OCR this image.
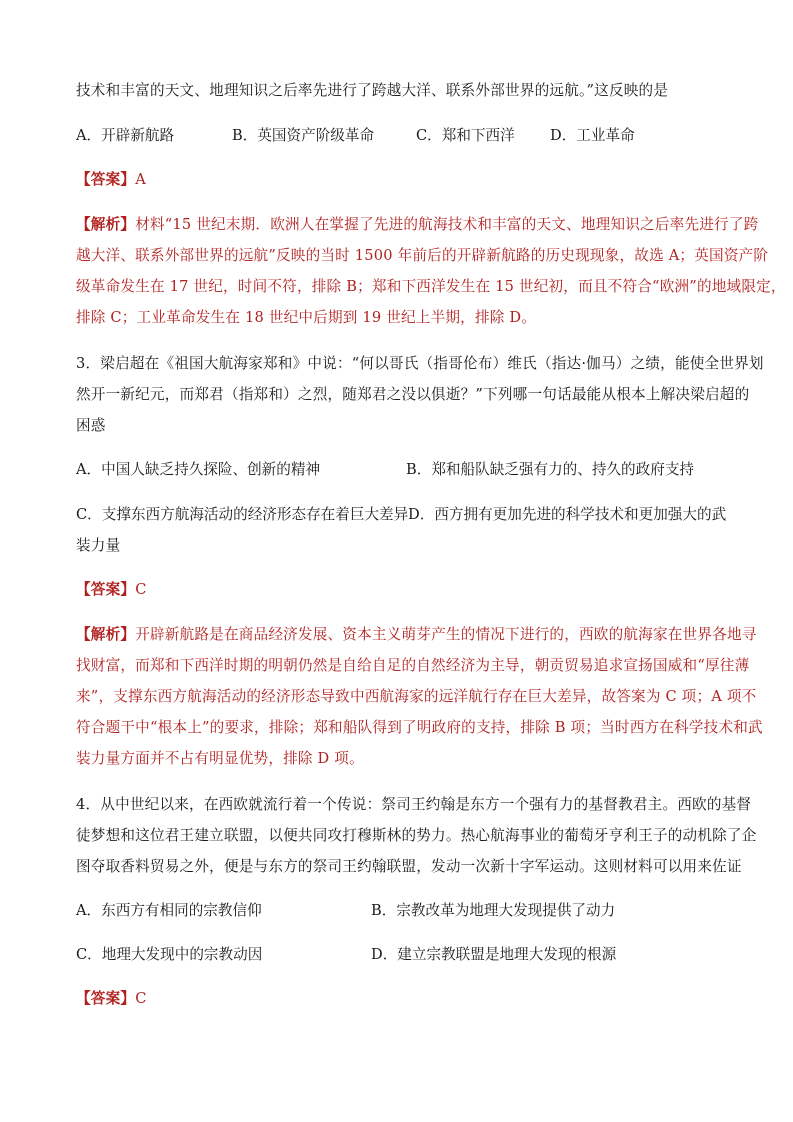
技术和丰富的天文、地理知识之后率先进行了跨越大洋、联系外部世界的远航。”这反映的是
A．开辟新航路	B．英国资产阶级革命	C．郑和下西洋 D．工业革命
【答案】A
【解析】材料“15 世纪末期．欧洲人在掌握了先进的航海技术和丰富的天文、地理知识之后率先进行了跨
越大洋、联系外部世界的远航”反映的当时 1500 年前后的开辟新航路的历史现现象，故选 A；英国资产阶
级革命发生在 17 世纪，时间不符，排除 B；郑和下西洋发生在 15 世纪初，而且不符合“欧洲”的地域限定，
排除 C；工业革命发生在 18 世纪中后期到 19 世纪上半期，排除 D。
3．梁启超在《祖国大航海家郑和》中说：“何以哥氏（指哥伦布）维氏（指达·伽马）之绩，能使全世界划
然开一新纪元，而郑君（指郑和）之烈，随郑君之没以俱逝？”下列哪一句话最能从根本上解决梁启超的
困惑
A．中国人缺乏持久探险、创新的精神	B．郑和船队缺乏强有力的、持久的政府支持
C．支撑东西方航海活动的经济形态存在着巨大差异 D．西方拥有更加先进的科学技术和更加强大的武
装力量
【答案】C
【解析】开辟新航路是在商品经济发展、资本主义萌芽产生的情况下进行的，西欧的航海家在世界各地寻
找财富，而郑和下西洋时期的明朝仍然是自给自足的自然经济为主导，朝贡贸易追求宣扬国威和“厚往薄
来”，支撑东西方航海活动的经济形态导致中西航海家的远洋航行存在巨大差异，故答案为 C 项；A 项不
符合题干中“根本上”的要求，排除；郑和船队得到了明政府的支持，排除 B 项；当时西方在科学技术和武
装力量方面并不占有明显优势，排除 D 项。
4．从中世纪以来，在西欧就流行着一个传说：祭司王约翰是东方一个强有力的基督教君主。西欧的基督
徒梦想和这位君王建立联盟，以便共同攻打穆斯林的势力。热心航海事业的葡萄牙亨利王子的动机除了企
图夺取香料贸易之外，便是与东方的祭司王约翰联盟，发动一次新十字军运动。这则材料可以用来佐证
A．东西方有相同的宗教信仰	B．宗教改革为地理大发现提供了动力
C．地理大发现中的宗教动因	D．建立宗教联盟是地理大发现的根源
【答案】C
